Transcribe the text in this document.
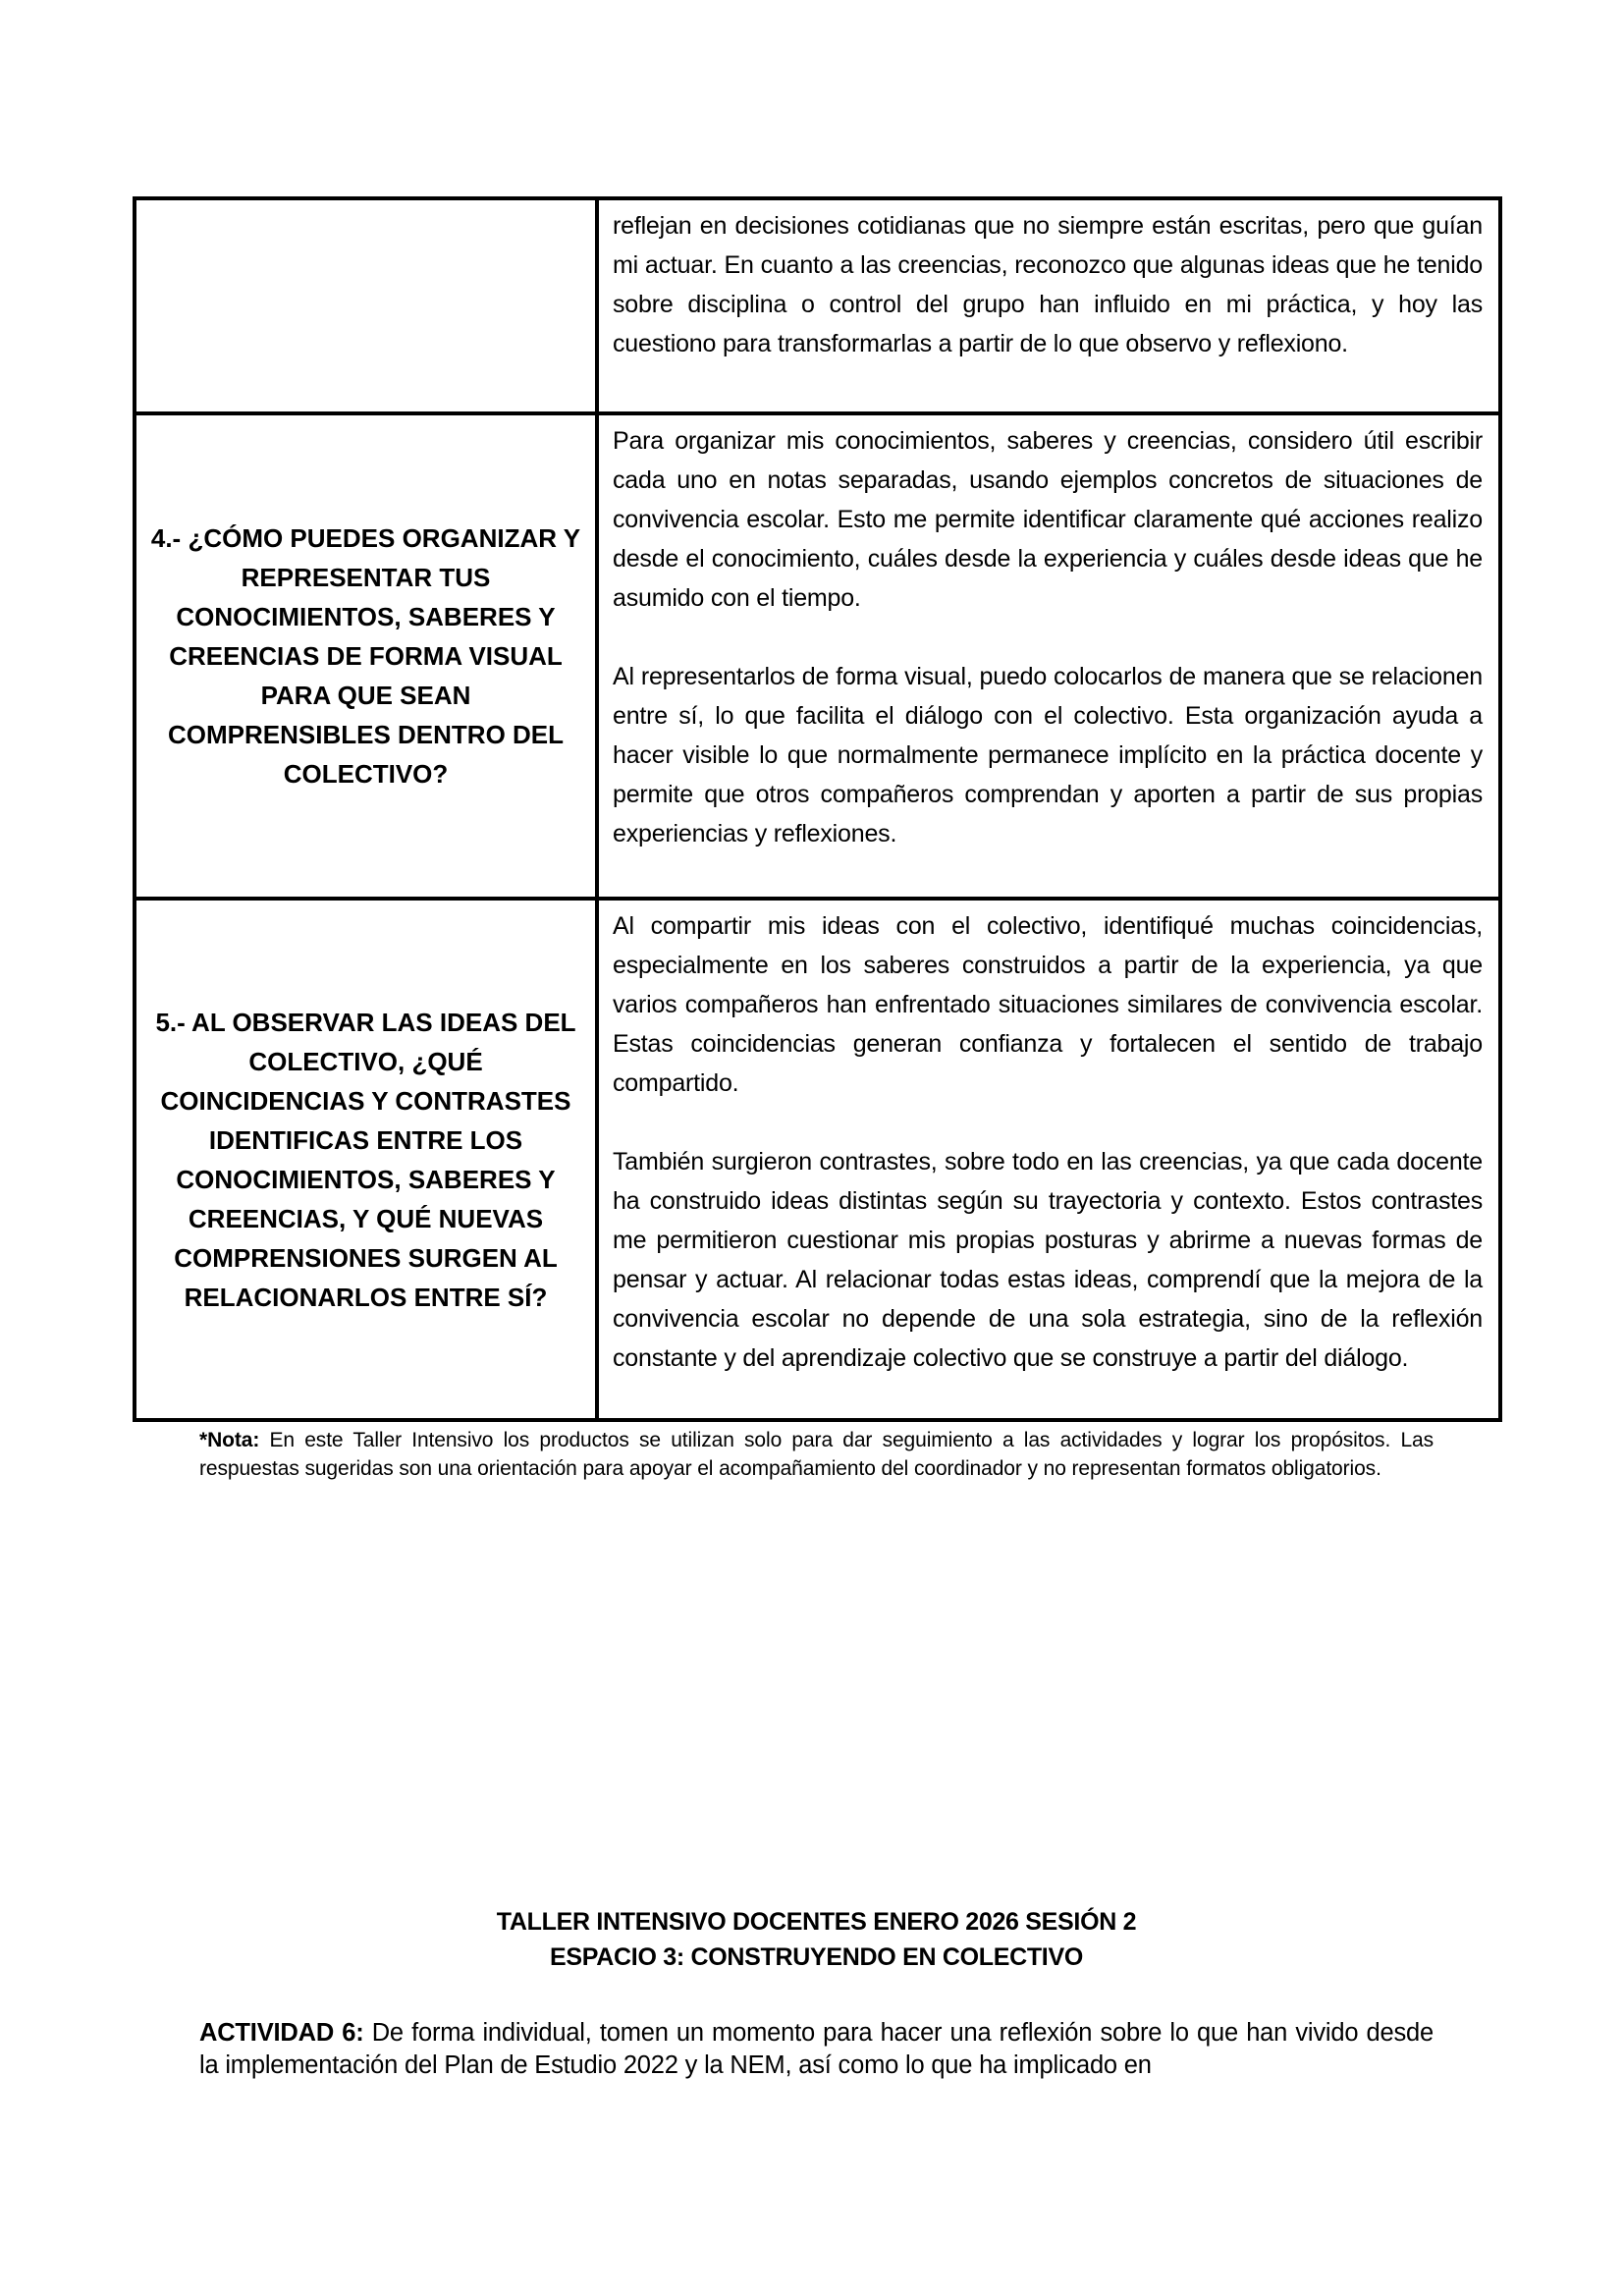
reflejan en decisiones cotidianas que no siempre están escritas, pero que guían mi actuar. En cuanto a las creencias, reconozco que algunas ideas que he tenido sobre disciplina o control del grupo han influido en mi práctica, y hoy las cuestiono para transformarlas a partir de lo que observo y reflexiono.

4.- ¿CÓMO PUEDES ORGANIZAR Y REPRESENTAR TUS CONOCIMIENTOS, SABERES Y CREENCIAS DE FORMA VISUAL PARA QUE SEAN COMPRENSIBLES DENTRO DEL COLECTIVO?

Para organizar mis conocimientos, saberes y creencias, considero útil escribir cada uno en notas separadas, usando ejemplos concretos de situaciones de convivencia escolar. Esto me permite identificar claramente qué acciones realizo desde el conocimiento, cuáles desde la experiencia y cuáles desde ideas que he asumido con el tiempo.

Al representarlos de forma visual, puedo colocarlos de manera que se relacionen entre sí, lo que facilita el diálogo con el colectivo. Esta organización ayuda a hacer visible lo que normalmente permanece implícito en la práctica docente y permite que otros compañeros comprendan y aporten a partir de sus propias experiencias y reflexiones.

5.- AL OBSERVAR LAS IDEAS DEL COLECTIVO, ¿QUÉ COINCIDENCIAS Y CONTRASTES IDENTIFICAS ENTRE LOS CONOCIMIENTOS, SABERES Y CREENCIAS, Y QUÉ NUEVAS COMPRENSIONES SURGEN AL RELACIONARLOS ENTRE SÍ?

Al compartir mis ideas con el colectivo, identifiqué muchas coincidencias, especialmente en los saberes construidos a partir de la experiencia, ya que varios compañeros han enfrentado situaciones similares de convivencia escolar. Estas coincidencias generan confianza y fortalecen el sentido de trabajo compartido.

También surgieron contrastes, sobre todo en las creencias, ya que cada docente ha construido ideas distintas según su trayectoria y contexto. Estos contrastes me permitieron cuestionar mis propias posturas y abrirme a nuevas formas de pensar y actuar. Al relacionar todas estas ideas, comprendí que la mejora de la convivencia escolar no depende de una sola estrategia, sino de la reflexión constante y del aprendizaje colectivo que se construye a partir del diálogo.

*Nota: En este Taller Intensivo los productos se utilizan solo para dar seguimiento a las actividades y lograr los propósitos. Las respuestas sugeridas son una orientación para apoyar el acompañamiento del coordinador y no representan formatos obligatorios.
TALLER INTENSIVO DOCENTES ENERO 2026 SESIÓN 2
ESPACIO 3: CONSTRUYENDO EN COLECTIVO
ACTIVIDAD 6: De forma individual, tomen un momento para hacer una reflexión sobre lo que han vivido desde la implementación del Plan de Estudio 2022 y la NEM, así como lo que ha implicado en
